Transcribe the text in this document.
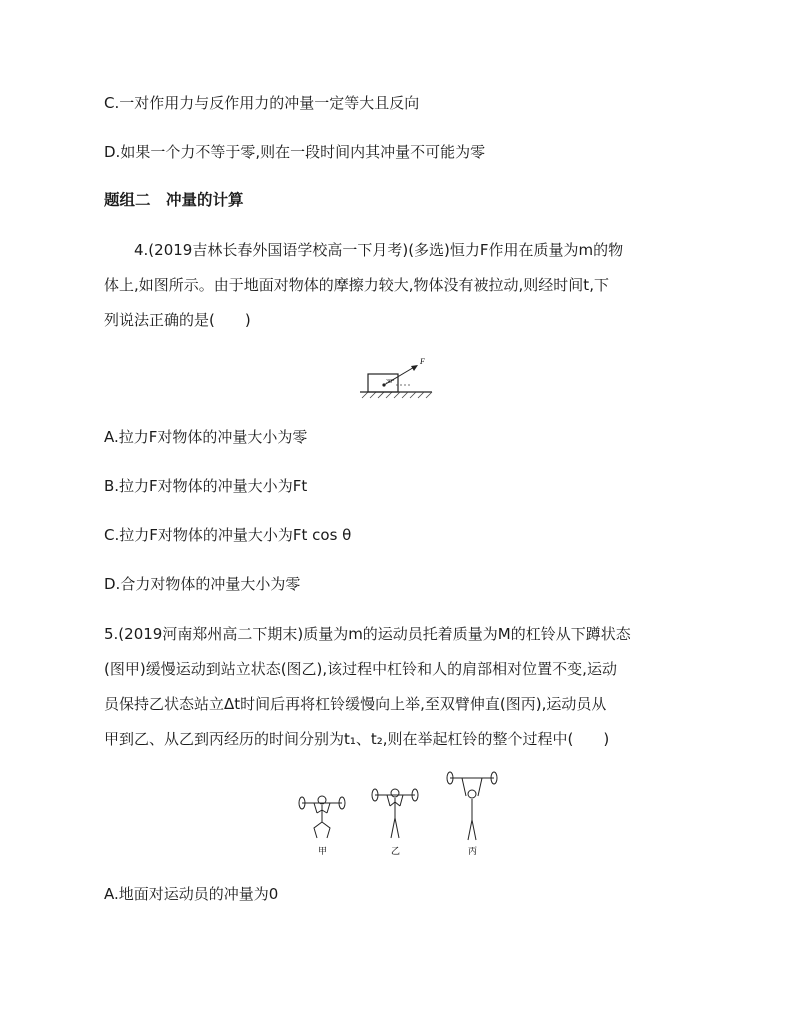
C.一对作用力与反作用力的冲量一定等大且反向
D.如果一个力不等于零,则在一段时间内其冲量不可能为零
题组二　冲量的计算
4.(2019吉林长春外国语学校高一下月考)(多选)恒力F作用在质量为m的物
体上,如图所示。由于地面对物体的摩擦力较大,物体没有被拉动,则经时间t,下
列说法正确的是(　　)
F
30°
A.拉力F对物体的冲量大小为零
B.拉力F对物体的冲量大小为Ft
C.拉力F对物体的冲量大小为Ft cos θ
D.合力对物体的冲量大小为零
5.(2019河南郑州高二下期末)质量为m的运动员托着质量为M的杠铃从下蹲状态
(图甲)缓慢运动到站立状态(图乙),该过程中杠铃和人的肩部相对位置不变,运动
员保持乙状态站立Δt时间后再将杠铃缓慢向上举,至双臂伸直(图丙),运动员从
甲到乙、从乙到丙经历的时间分别为t₁、t₂,则在举起杠铃的整个过程中(　　)
甲	乙	丙
A.地面对运动员的冲量为0
